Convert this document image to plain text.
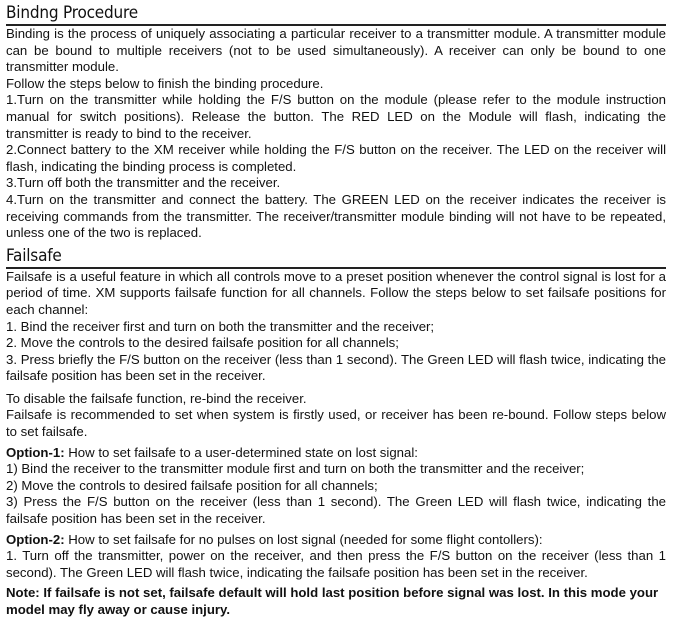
Bindng Procedure

Binding is the process of uniquely associating a particular receiver to a transmitter module. A transmitter module can be bound to multiple receivers (not to be used simultaneously). A receiver can only be bound to one transmitter module.

Follow the steps below to finish the binding procedure.

1.Turn on the transmitter while holding the F/S button on the module (please refer to the module instruction manual for switch positions). Release the button. The RED LED on the Module will flash, indicating the transmitter is ready to bind to the receiver.

2.Connect battery to the XM receiver while holding the F/S button on the receiver. The LED on the receiver will flash, indicating the binding process is completed.

3.Turn off both the transmitter and the receiver.

4.Turn on the transmitter and connect the battery. The GREEN LED on the receiver indicates the receiver is receiving commands from the transmitter. The receiver/transmitter module binding will not have to be repeated, unless one of the two is replaced.

Failsafe

Failsafe is a useful feature in which all controls move to a preset position whenever the control signal is lost for a period of time. XM supports failsafe function for all channels. Follow the steps below to set failsafe positions for each channel:

1. Bind the receiver first and turn on both the transmitter and the receiver;

2. Move the controls to the desired failsafe position for all channels;

3. Press briefly the F/S button on the receiver (less than 1 second). The Green LED will flash twice, indicating the failsafe position has been set in the receiver.

To disable the failsafe function, re-bind the receiver.

Failsafe is recommended to set when system is firstly used, or receiver has been re-bound. Follow steps below to set failsafe.

Option-1: How to set failsafe to a user-determined state on lost signal:

1) Bind the receiver to the transmitter module first and turn on both the transmitter and the receiver;

2) Move the controls to desired failsafe position for all channels;

3) Press the F/S button on the receiver (less than 1 second). The Green LED will flash twice, indicating the failsafe position has been set in the receiver.

Option-2: How to set failsafe for no pulses on lost signal (needed for some flight contollers):

1. Turn off the transmitter, power on the receiver, and then press the F/S button on the receiver (less than 1 second). The Green LED will flash twice, indicating the failsafe position has been set in the receiver.

Note: If failsafe is not set, failsafe default will hold last position before signal was lost. In this mode your model may fly away or cause injury.
